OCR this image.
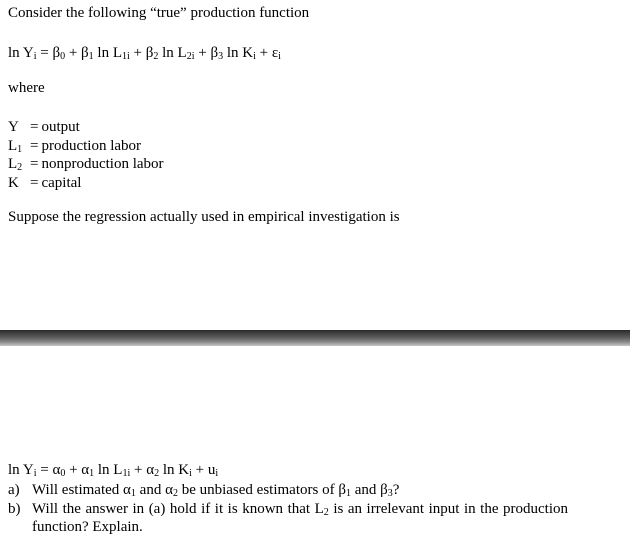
Consider the following “true” production function
$\ln Y_i = \beta_0 + \beta_1$ $\ln L_{1i} + \beta_2$ $\ln L_{2i} + \beta_3$ $\ln K_i + \varepsilon_i$
where
Y = output
$L_1$ = production labor
$L_2$ = nonproduction labor
K = capital
Suppose the regression actually used in empirical investigation is
$\ln Y_i = \alpha_0 + \alpha_1$ $\ln L_{1i} + \alpha_2$ $\ln K_i + u_i$
a) Will estimated $\alpha_1$ and $\alpha_2$ be unbiased estimators of $\beta_1$ and $\beta_3$?
b) Will the answer in (a) hold if it is known that $L_2$ is an irrelevant input in the production function? Explain.
